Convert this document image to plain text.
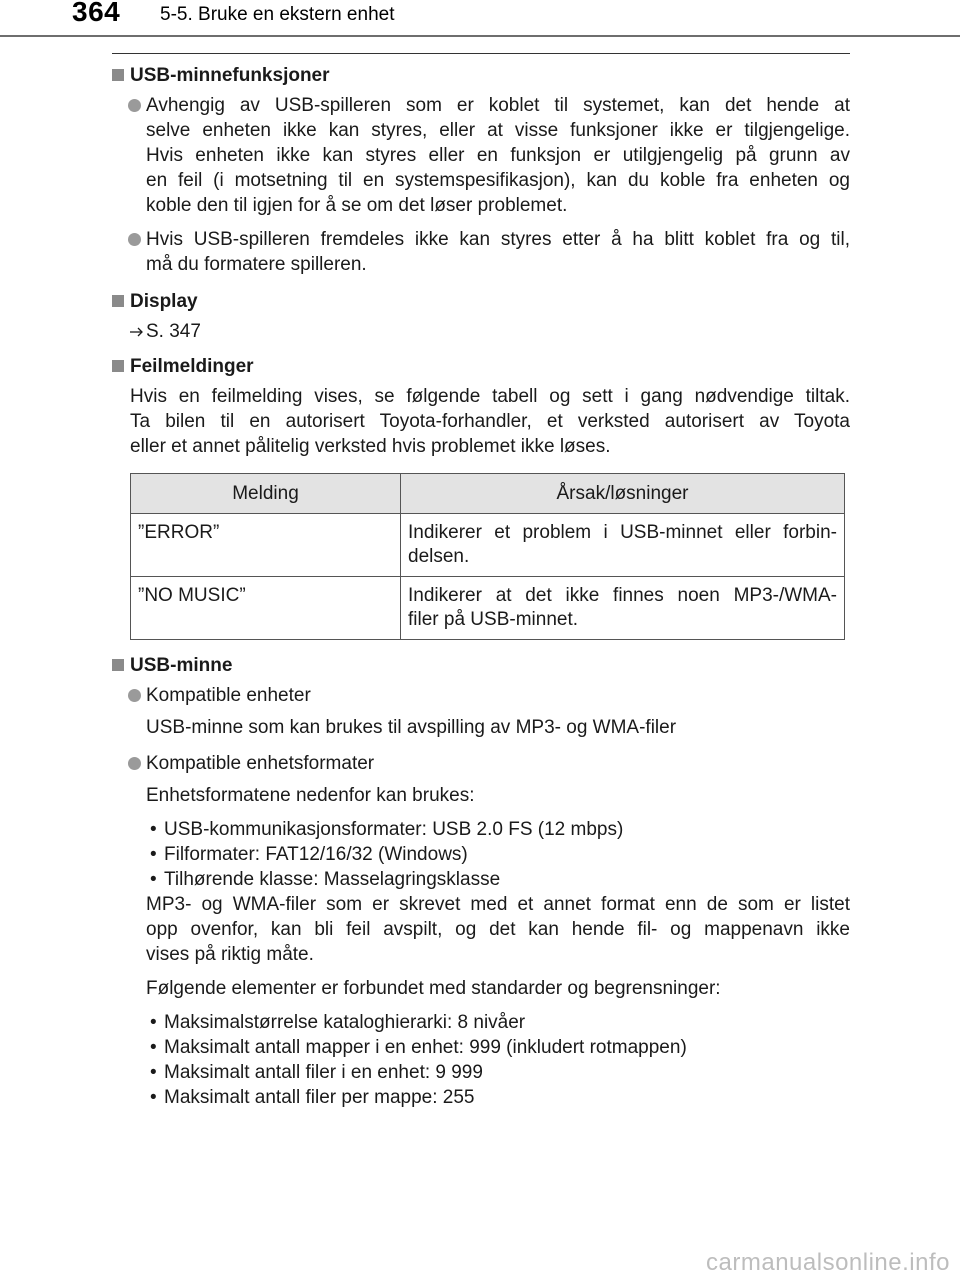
364 5-5. Bruke en ekstern enhet

USB-minnefunksjoner

Avhengig av USB-spilleren som er koblet til systemet, kan det hende at
selve enheten ikke kan styres, eller at visse funksjoner ikke er tilgjengelige.
Hvis enheten ikke kan styres eller en funksjon er utilgjengelig på grunn av
en feil (i motsetning til en systemspesifikasjon), kan du koble fra enheten og
koble den til igjen for å se om det løser problemet.
Hvis USB-spilleren fremdeles ikke kan styres etter å ha blitt koblet fra og til,
må du formatere spilleren.

Display

S. 347

Feilmeldinger

Hvis en feilmelding vises, se følgende tabell og sett i gang nødvendige tiltak.
Ta bilen til en autorisert Toyota-forhandler, et verksted autorisert av Toyota
eller et annet pålitelig verksted hvis problemet ikke løses.
Melding	Årsak/løsninger
”ERROR”	Indikerer et problem i USB-minnet eller forbin-
delsen.

”NO MUSIC”	Indikerer at det ikke finnes noen MP3-/WMA-
filer på USB-minnet.

USB-minne

Kompatible enheter

USB-minne som kan brukes til avspilling av MP3- og WMA-filer

Kompatible enhetsformater

Enhetsformatene nedenfor kan brukes:

• USB-kommunikasjonsformater: USB 2.0 FS (12 mbps)

• Filformater: FAT12/16/32 (Windows)

• Tilhørende klasse: Masselagringsklasse

MP3- og WMA-filer som er skrevet med et annet format enn de som er listet
opp ovenfor, kan bli feil avspilt, og det kan hende fil- og mappenavn ikke
vises på riktig måte.

Følgende elementer er forbundet med standarder og begrensninger:

• Maksimalstørrelse kataloghierarki: 8 nivåer

• Maksimalt antall mapper i en enhet: 999 (inkludert rotmappen)

• Maksimalt antall filer i en enhet: 9 999

• Maksimalt antall filer per mappe: 255

carmanualsonline.info
